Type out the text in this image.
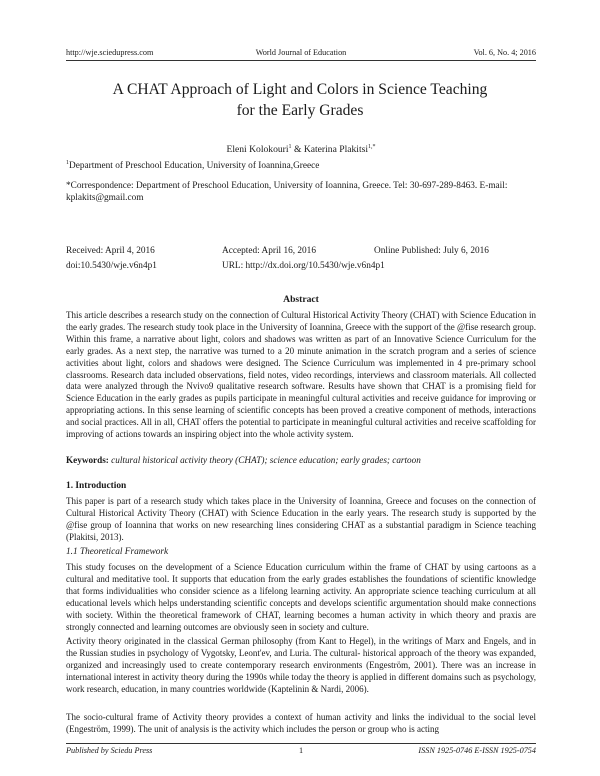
http://wje.sciedupress.com	World Journal of Education	Vol. 6, No. 4; 2016
A CHAT Approach of Light and Colors in Science Teaching
for the Early Grades
Eleni Kolokouri$^1$ & Katerina Plakitsi$^{1,*}$
$^1$Department of Preschool Education, University of Ioannina,Greece
*Correspondence: Department of Preschool Education, University of Ioannina, Greece. Tel: 30-697-289-8463. E-mail: kplakits@gmail.com
Received: April 4, 2016	Accepted: April 16, 2016	Online Published: July 6, 2016
doi:10.5430/wje.v6n4p1	URL: http://dx.doi.org/10.5430/wje.v6n4p1
Abstract
This article describes a research study on the connection of Cultural Historical Activity Theory (CHAT) with Science Education in the early grades. The research study took place in the University of Ioannina, Greece with the support of the @fise research group. Within this frame, a narrative about light, colors and shadows was written as part of an Innovative Science Curriculum for the early grades. As a next step, the narrative was turned to a 20 minute animation in the scratch program and a series of science activities about light, colors and shadows were designed. The Science Curriculum was implemented in 4 pre-primary school classrooms. Research data included observations, field notes, video recordings, interviews and classroom materials. All collected data were analyzed through the Nvivo9 qualitative research software. Results have shown that CHAT is a promising field for Science Education in the early grades as pupils participate in meaningful cultural activities and receive guidance for improving or appropriating actions. In this sense learning of scientific concepts has been proved a creative component of methods, interactions and social practices. All in all, CHAT offers the potential to participate in meaningful cultural activities and receive scaffolding for improving of actions towards an inspiring object into the whole activity system.
Keywords: cultural historical activity theory (CHAT); science education; early grades; cartoon
1. Introduction
This paper is part of a research study which takes place in the University of Ioannina, Greece and focuses on the connection of Cultural Historical Activity Theory (CHAT) with Science Education in the early years. The research study is supported by the @fise group of Ioannina that works on new researching lines considering CHAT as a substantial paradigm in Science teaching (Plakitsi, 2013).
1.1 Theoretical Framework
This study focuses on the development of a Science Education curriculum within the frame of CHAT by using cartoons as a cultural and meditative tool. It supports that education from the early grades establishes the foundations of scientific knowledge that forms individualities who consider science as a lifelong learning activity. An appropriate science teaching curriculum at all educational levels which helps understanding scientific concepts and develops scientific argumentation should make connections with society. Within the theoretical framework of CHAT, learning becomes a human activity in which theory and praxis are strongly connected and learning outcomes are obviously seen in society and culture.
Activity theory originated in the classical German philosophy (from Kant to Hegel), in the writings of Marx and Engels, and in the Russian studies in psychology of Vygotsky, Leont'ev, and Luria. The cultural- historical approach of the theory was expanded, organized and increasingly used to create contemporary research environments (Engeström, 2001). There was an increase in international interest in activity theory during the 1990s while today the theory is applied in different domains such as psychology, work research, education, in many countries worldwide (Kaptelinin & Nardi, 2006).
The socio-cultural frame of Activity theory provides a context of human activity and links the individual to the social level (Engeström, 1999). The unit of analysis is the activity which includes the person or group who is acting
Published by Sciedu Press	1	ISSN 1925-0746 E-ISSN 1925-0754
